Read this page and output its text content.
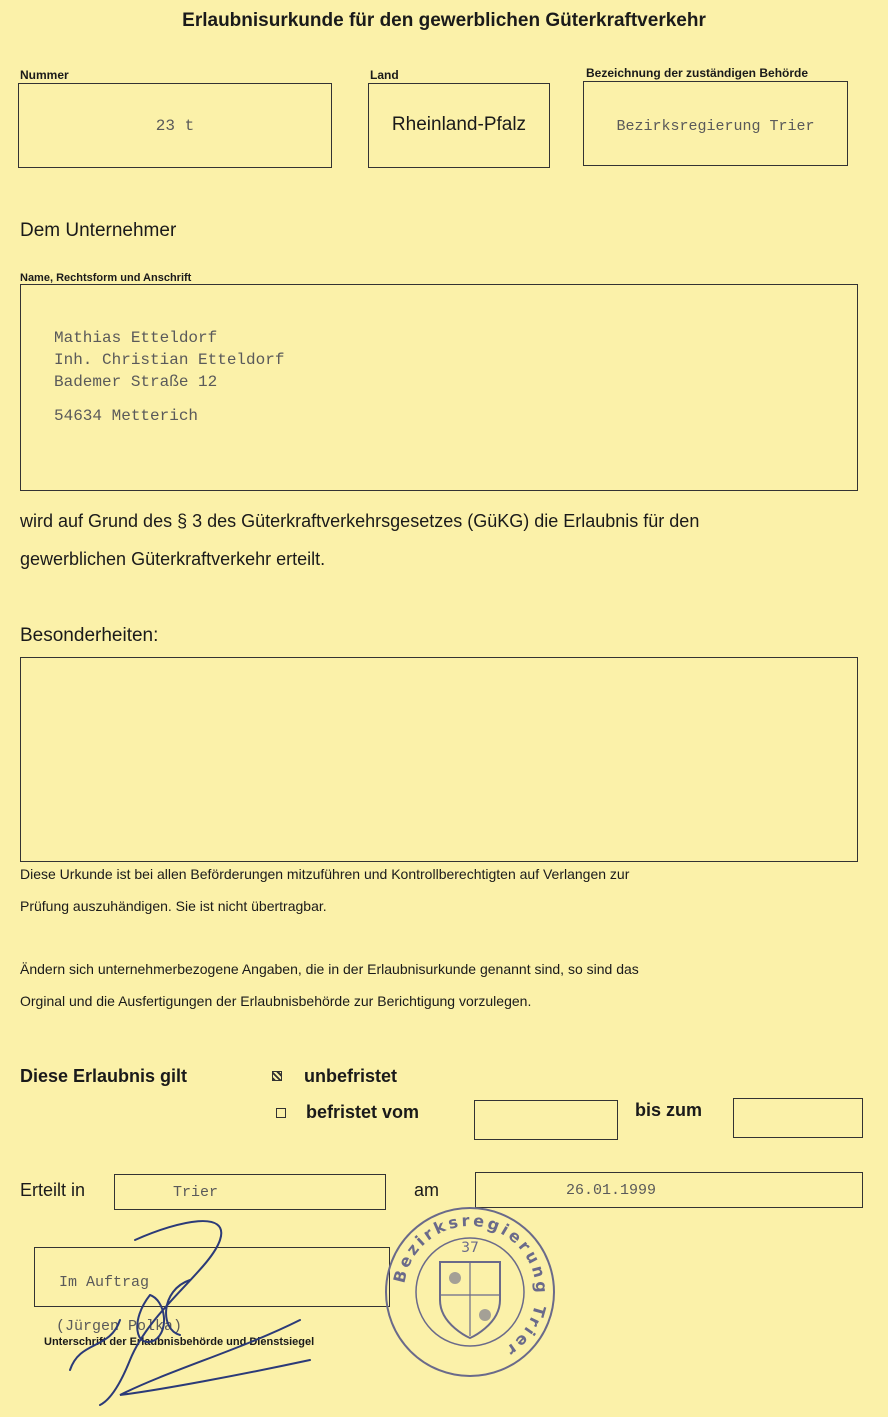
Erlaubnisurkunde für den gewerblichen Güterkraftverkehr
Nummer
23 t
Land
Rheinland-Pfalz
Bezeichnung der zuständigen Behörde
Bezirksregierung Trier
Dem Unternehmer
Name, Rechtsform und Anschrift
Mathias Etteldorf
Inh. Christian Etteldorf
Bademer Straße 12
54634 Metterich
wird auf Grund des § 3 des Güterkraftverkehrsgesetzes (GüKG) die Erlaubnis für den
gewerblichen Güterkraftverkehr erteilt.
Besonderheiten:
Diese Urkunde ist bei allen Beförderungen mitzuführen und Kontrollberechtigten auf Verlangen zur
Prüfung auszuhändigen. Sie ist nicht übertragbar.
Ändern sich unternehmerbezogene Angaben, die in der Erlaubnisurkunde genannt sind, so sind das
Orginal und die Ausfertigungen der Erlaubnisbehörde zur Berichtigung vorzulegen.
Diese Erlaubnis gilt	unbefristet
befristet vom	bis zum
Erteilt in	Trier	am	26.01.1999
Im Auftrag
(Jürgen Polka)
Unterschrift der Erlaubnisbehörde und Dienstsiegel
Bezirksregierung Trier
37
